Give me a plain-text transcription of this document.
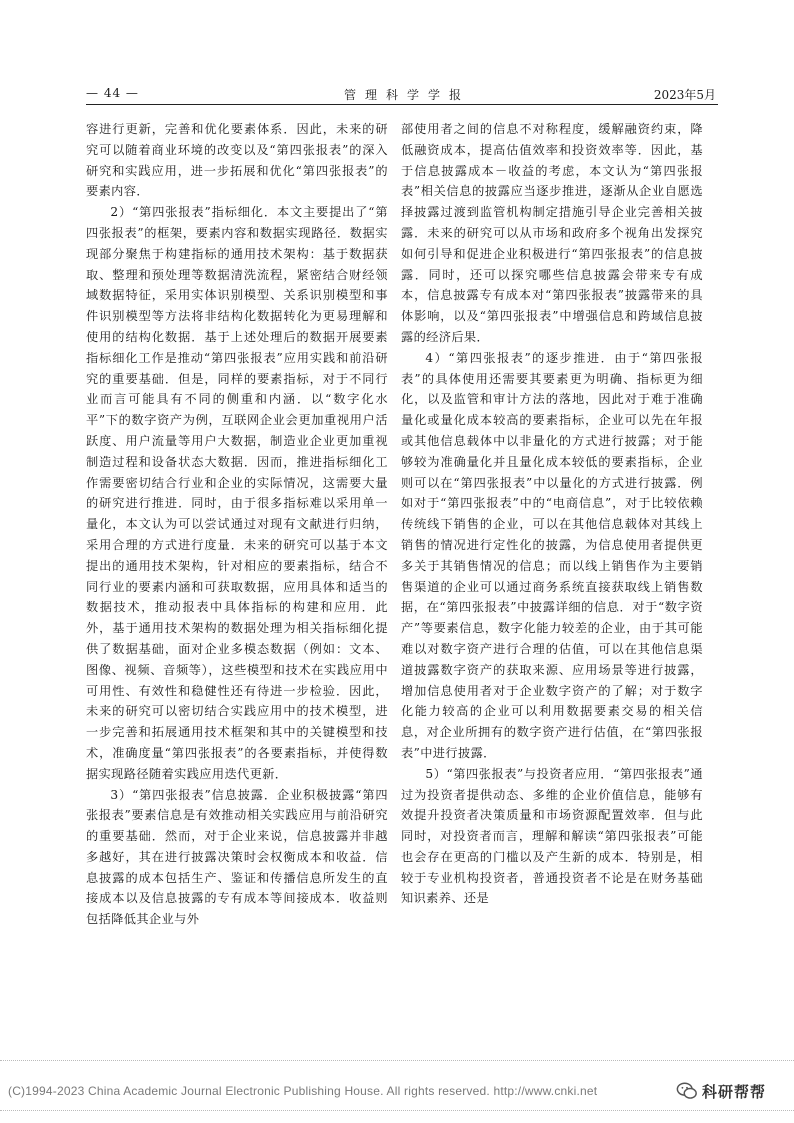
— 44 —	管理科学学报	2023年5月

容进行更新，完善和优化要素体系．因此，未来的研究可以随着商业环境的改变以及“第四张报表”的深入研究和实践应用，进一步拓展和优化“第四张报表”的要素内容．

2）“第四张报表”指标细化．本文主要提出了“第四张报表”的框架，要素内容和数据实现路径．数据实现部分聚焦于构建指标的通用技术架构：基于数据获取、整理和预处理等数据清洗流程，紧密结合财经领域数据特征，采用实体识别模型、关系识别模型和事件识别模型等方法将非结构化数据转化为更易理解和使用的结构化数据．基于上述处理后的数据开展要素指标细化工作是推动“第四张报表”应用实践和前沿研究的重要基础．但是，同样的要素指标，对于不同行业而言可能具有不同的侧重和内涵．以“数字化水平”下的数字资产为例，互联网企业会更加重视用户活跃度、用户流量等用户大数据，制造业企业更加重视制造过程和设备状态大数据．因而，推进指标细化工作需要密切结合行业和企业的实际情况，这需要大量的研究进行推进．同时，由于很多指标难以采用单一量化，本文认为可以尝试通过对现有文献进行归纳，采用合理的方式进行度量．未来的研究可以基于本文提出的通用技术架构，针对相应的要素指标，结合不同行业的要素内涵和可获取数据，应用具体和适当的数据技术，推动报表中具体指标的构建和应用．此外，基于通用技术架构的数据处理为相关指标细化提供了数据基础，面对企业多模态数据（例如：文本、图像、视频、音频等），这些模型和技术在实践应用中可用性、有效性和稳健性还有待进一步检验．因此，未来的研究可以密切结合实践应用中的技术模型，进一步完善和拓展通用技术框架和其中的关键模型和技术，准确度量“第四张报表”的各要素指标，并使得数据实现路径随着实践应用迭代更新．

3）“第四张报表”信息披露．企业积极披露“第四张报表”要素信息是有效推动相关实践应用与前沿研究的重要基础．然而，对于企业来说，信息披露并非越多越好，其在进行披露决策时会权衡成本和收益．信息披露的成本包括生产、鉴证和传播信息所发生的直接成本以及信息披露的专有成本等间接成本．收益则包括降低其企业与外

部使用者之间的信息不对称程度，缓解融资约束，降低融资成本，提高估值效率和投资效率等．因此，基于信息披露成本－收益的考虑，本文认为“第四张报表”相关信息的披露应当逐步推进，逐渐从企业自愿选择披露过渡到监管机构制定措施引导企业完善相关披露．未来的研究可以从市场和政府多个视角出发探究如何引导和促进企业积极进行“第四张报表”的信息披露．同时，还可以探究哪些信息披露会带来专有成本，信息披露专有成本对“第四张报表”披露带来的具体影响，以及“第四张报表”中增强信息和跨域信息披露的经济后果．

4）“第四张报表”的逐步推进．由于“第四张报表”的具体使用还需要其要素更为明确、指标更为细化，以及监管和审计方法的落地，因此对于难于准确量化或量化成本较高的要素指标，企业可以先在年报或其他信息载体中以非量化的方式进行披露；对于能够较为准确量化并且量化成本较低的要素指标，企业则可以在“第四张报表”中以量化的方式进行披露．例如对于“第四张报表”中的“电商信息”，对于比较依赖传统线下销售的企业，可以在其他信息载体对其线上销售的情况进行定性化的披露，为信息使用者提供更多关于其销售情况的信息；而以线上销售作为主要销售渠道的企业可以通过商务系统直接获取线上销售数据，在“第四张报表”中披露详细的信息．对于“数字资产”等要素信息，数字化能力较差的企业，由于其可能难以对数字资产进行合理的估值，可以在其他信息渠道披露数字资产的获取来源、应用场景等进行披露，增加信息使用者对于企业数字资产的了解；对于数字化能力较高的企业可以利用数据要素交易的相关信息，对企业所拥有的数字资产进行估值，在“第四张报表”中进行披露．

5）“第四张报表”与投资者应用．“第四张报表”通过为投资者提供动态、多维的企业价值信息，能够有效提升投资者决策质量和市场资源配置效率．但与此同时，对投资者而言，理解和解读“第四张报表”可能也会存在更高的门槛以及产生新的成本．特别是，相较于专业机构投资者，普通投资者不论是在财务基础知识素养、还是

(C)1994-2023 China Academic Journal Electronic Publishing House. All rights reserved. http://www.cnki.net	科研帮帮
